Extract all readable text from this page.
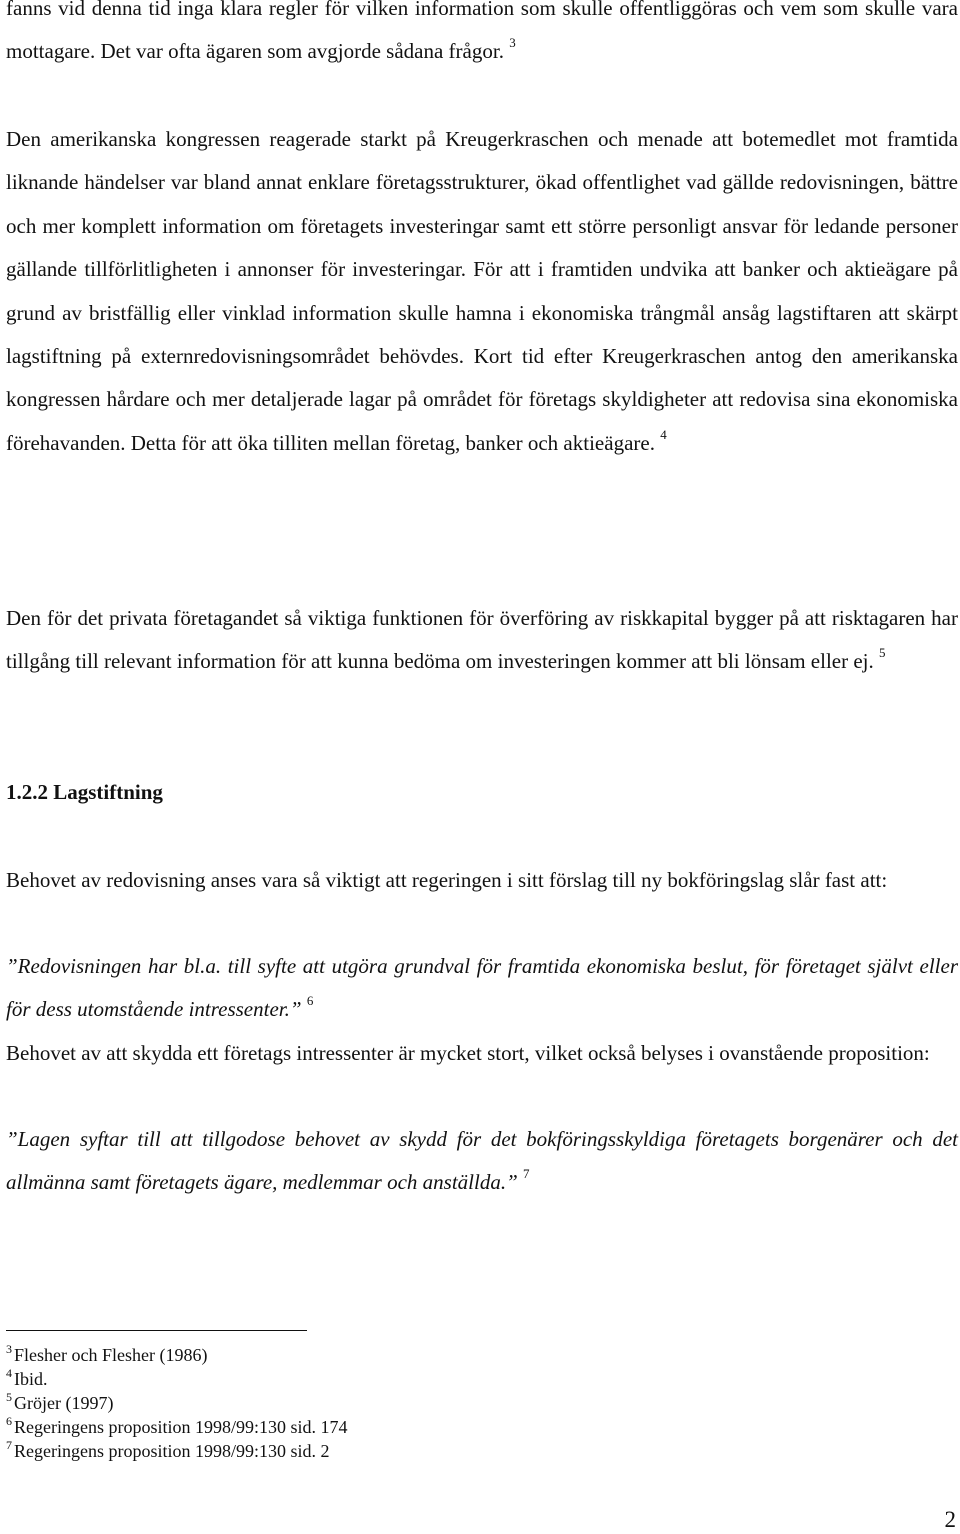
fanns vid denna tid inga klara regler för vilken information som skulle offentliggöras och vem som skulle vara mottagare. Det var ofta ägaren som avgjorde sådana frågor. $^3$

Den amerikanska kongressen reagerade starkt på Kreugerkraschen och menade att botemedlet mot framtida liknande händelser var bland annat enklare företagsstrukturer, ökad offentlighet vad gällde redovisningen, bättre och mer komplett information om företagets investeringar samt ett större personligt ansvar för ledande personer gällande tillförlitligheten i annonser för investeringar. För att i framtiden undvika att banker och aktieägare på grund av bristfällig eller vinklad information skulle hamna i ekonomiska trångmål ansåg lagstiftaren att skärpt lagstiftning på externredovisningsområdet behövdes. Kort tid efter Kreugerkraschen antog den amerikanska kongressen hårdare och mer detaljerade lagar på området för företags skyldigheter att redovisa sina ekonomiska förehavanden. Detta för att öka tilliten mellan företag, banker och aktieägare. $^4$

Den för det privata företagandet så viktiga funktionen för överföring av riskkapital bygger på att risktagaren har tillgång till relevant information för att kunna bedöma om investeringen kommer att bli lönsam eller ej. $^5$

1.2.2 Lagstiftning

Behovet av redovisning anses vara så viktigt att regeringen i sitt förslag till ny bokföringslag slår fast att:

”Redovisningen har bl.a. till syfte att utgöra grundval för framtida ekonomiska beslut, för företaget självt eller för dess utomstående intressenter.” $^6$

Behovet av att skydda ett företags intressenter är mycket stort, vilket också belyses i ovanstående proposition:

”Lagen syftar till att tillgodose behovet av skydd för det bokföringsskyldiga företagets borgenärer och det allmänna samt företagets ägare, medlemmar och anställda.” $^7$

$^3$ Flesher och Flesher (1986)
$^4$ Ibid.
$^5$ Gröjer (1997)
$^6$ Regeringens proposition 1998/99:130 sid. 174
$^7$ Regeringens proposition 1998/99:130 sid. 2
2
